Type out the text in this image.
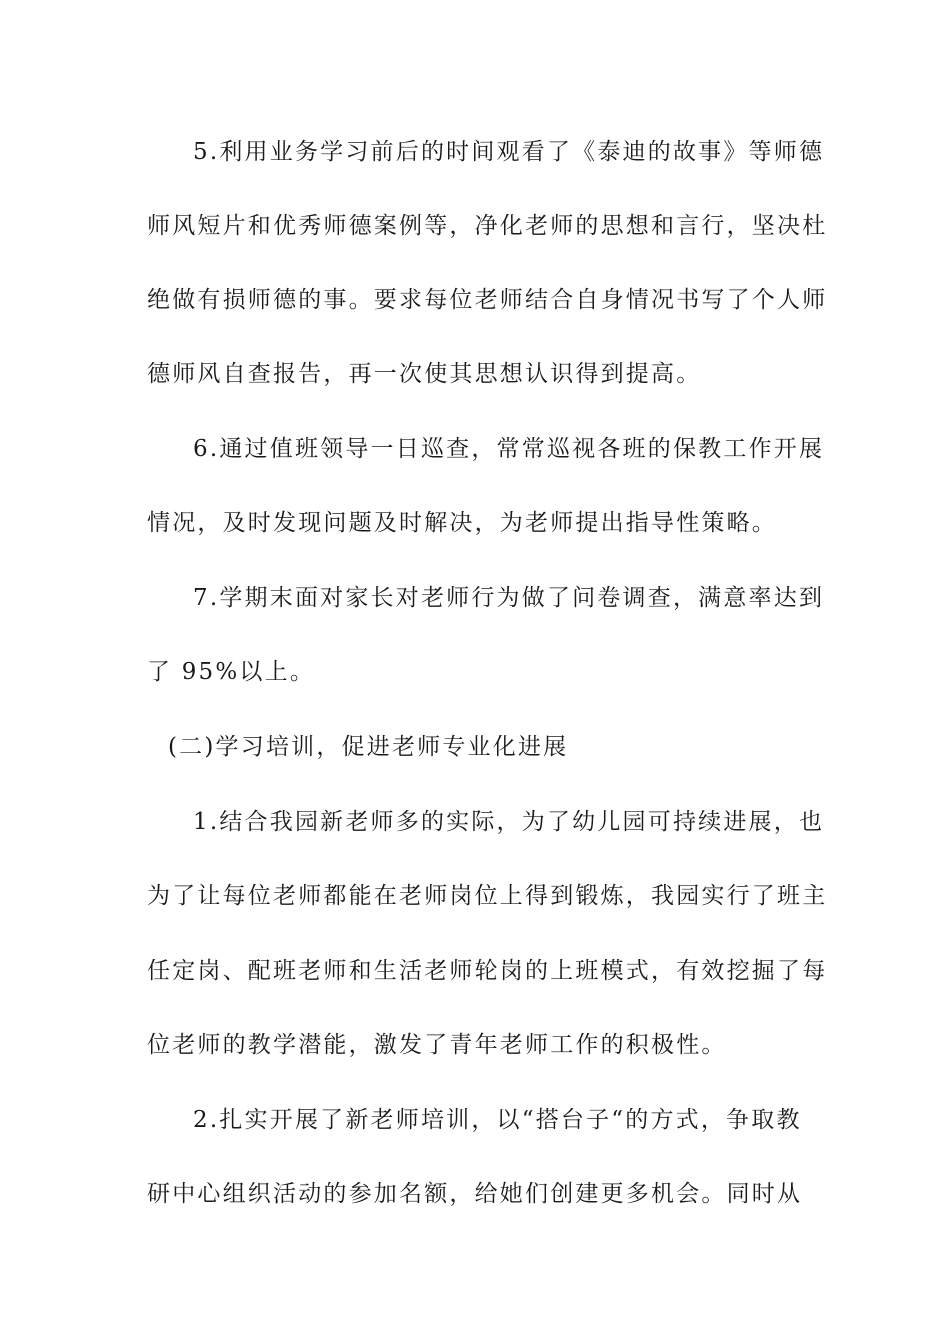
5.利用业务学习前后的时间观看了《泰迪的故事》等师德

师风短片和优秀师德案例等，净化老师的思想和言行，坚决杜

绝做有损师德的事。要求每位老师结合自身情况书写了个人师

德师风自查报告，再一次使其思想认识得到提高。

6.通过值班领导一日巡查，常常巡视各班的保教工作开展

情况，及时发现问题及时解决，为老师提出指导性策略。

7.学期末面对家长对老师行为做了问卷调查，满意率达到

了 95%以上。

(二)学习培训，促进老师专业化进展

1.结合我园新老师多的实际，为了幼儿园可持续进展，也

为了让每位老师都能在老师岗位上得到锻炼，我园实行了班主

任定岗、配班老师和生活老师轮岗的上班模式，有效挖掘了每

位老师的教学潜能，激发了青年老师工作的积极性。

2.扎实开展了新老师培训，以“搭台子“的方式，争取教

研中心组织活动的参加名额，给她们创建更多机会。同时从
